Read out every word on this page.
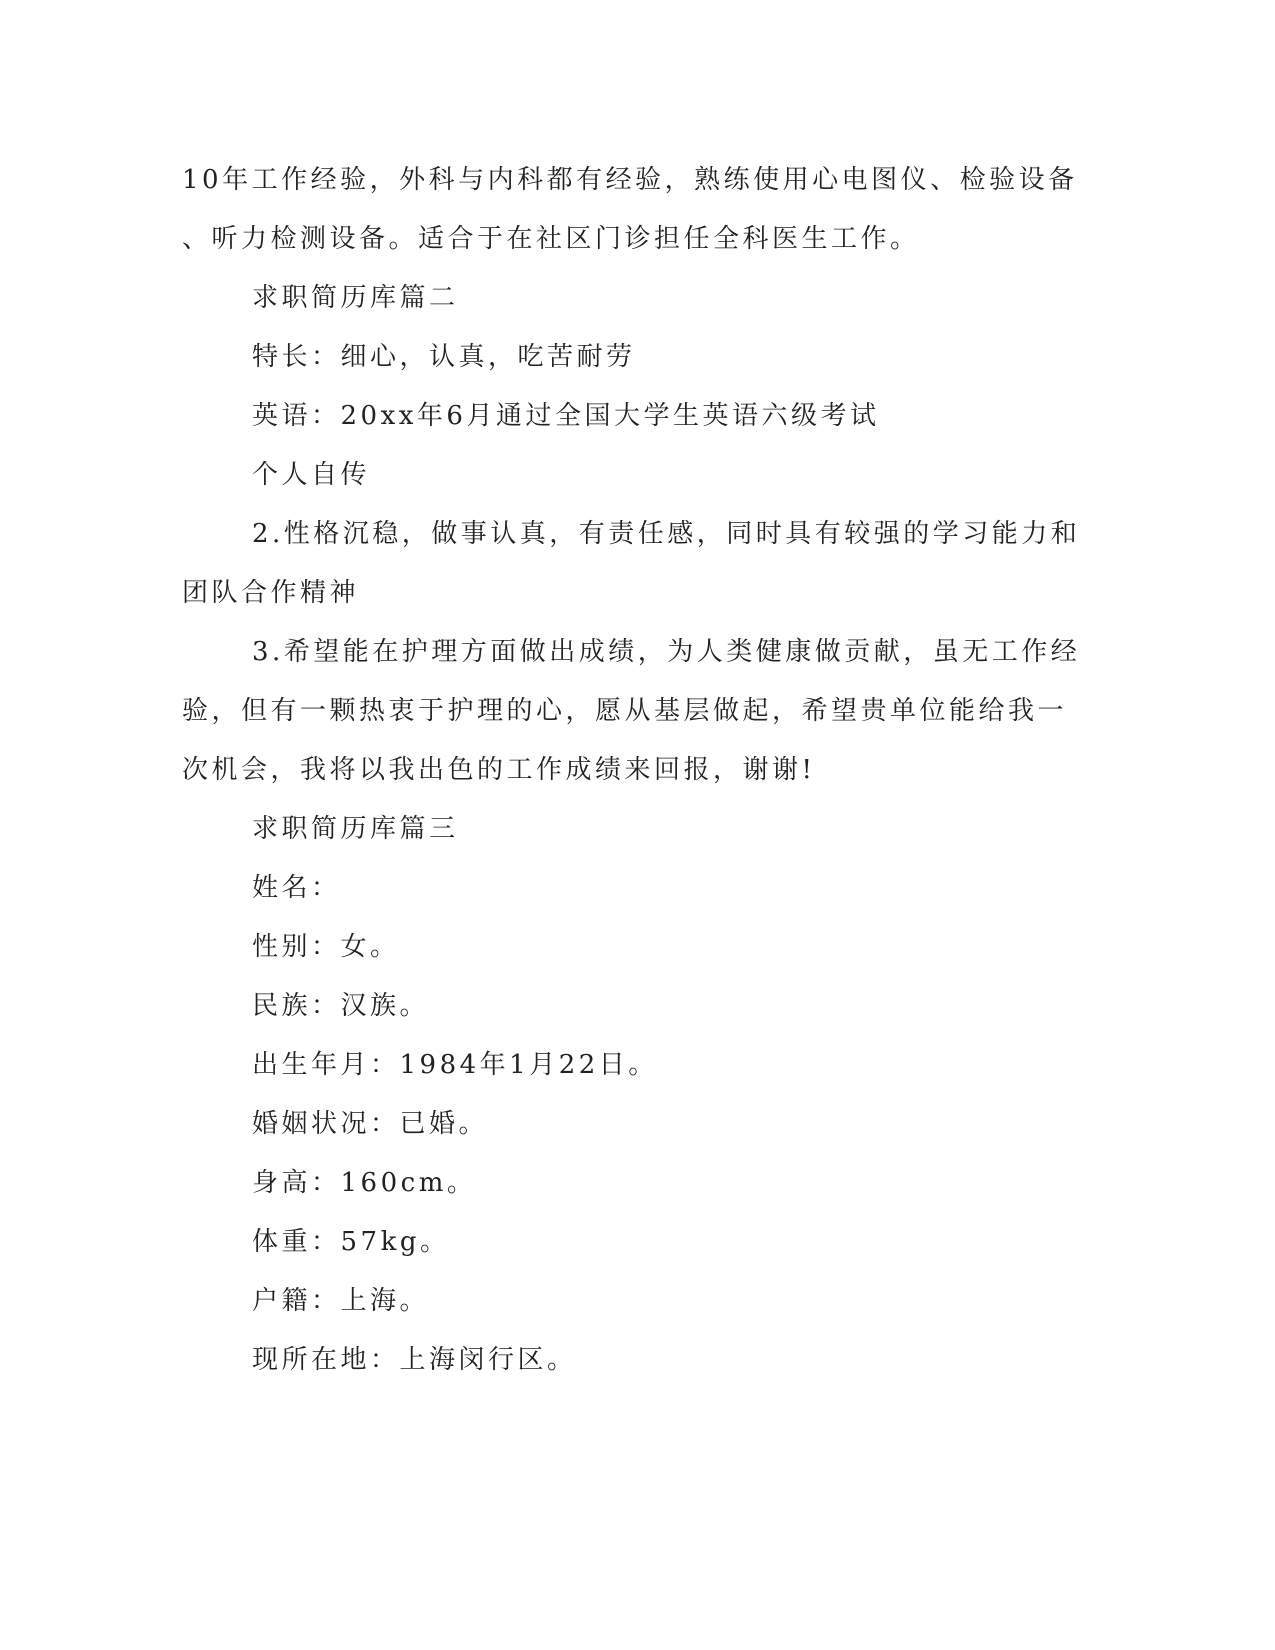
10年工作经验，外科与内科都有经验，熟练使用心电图仪、检验设备
、听力检测设备。适合于在社区门诊担任全科医生工作。
求职简历库篇二
特长：细心，认真，吃苦耐劳
英语：20xx年6月通过全国大学生英语六级考试
个人自传
2.性格沉稳，做事认真，有责任感，同时具有较强的学习能力和
团队合作精神
3.希望能在护理方面做出成绩，为人类健康做贡献，虽无工作经
验，但有一颗热衷于护理的心，愿从基层做起，希望贵单位能给我一
次机会，我将以我出色的工作成绩来回报，谢谢!
求职简历库篇三
姓名：
性别：女。
民族：汉族。
出生年月：1984年1月22日。
婚姻状况：已婚。
身高：160cm。
体重：57kg。
户籍：上海。
现所在地：上海闵行区。
